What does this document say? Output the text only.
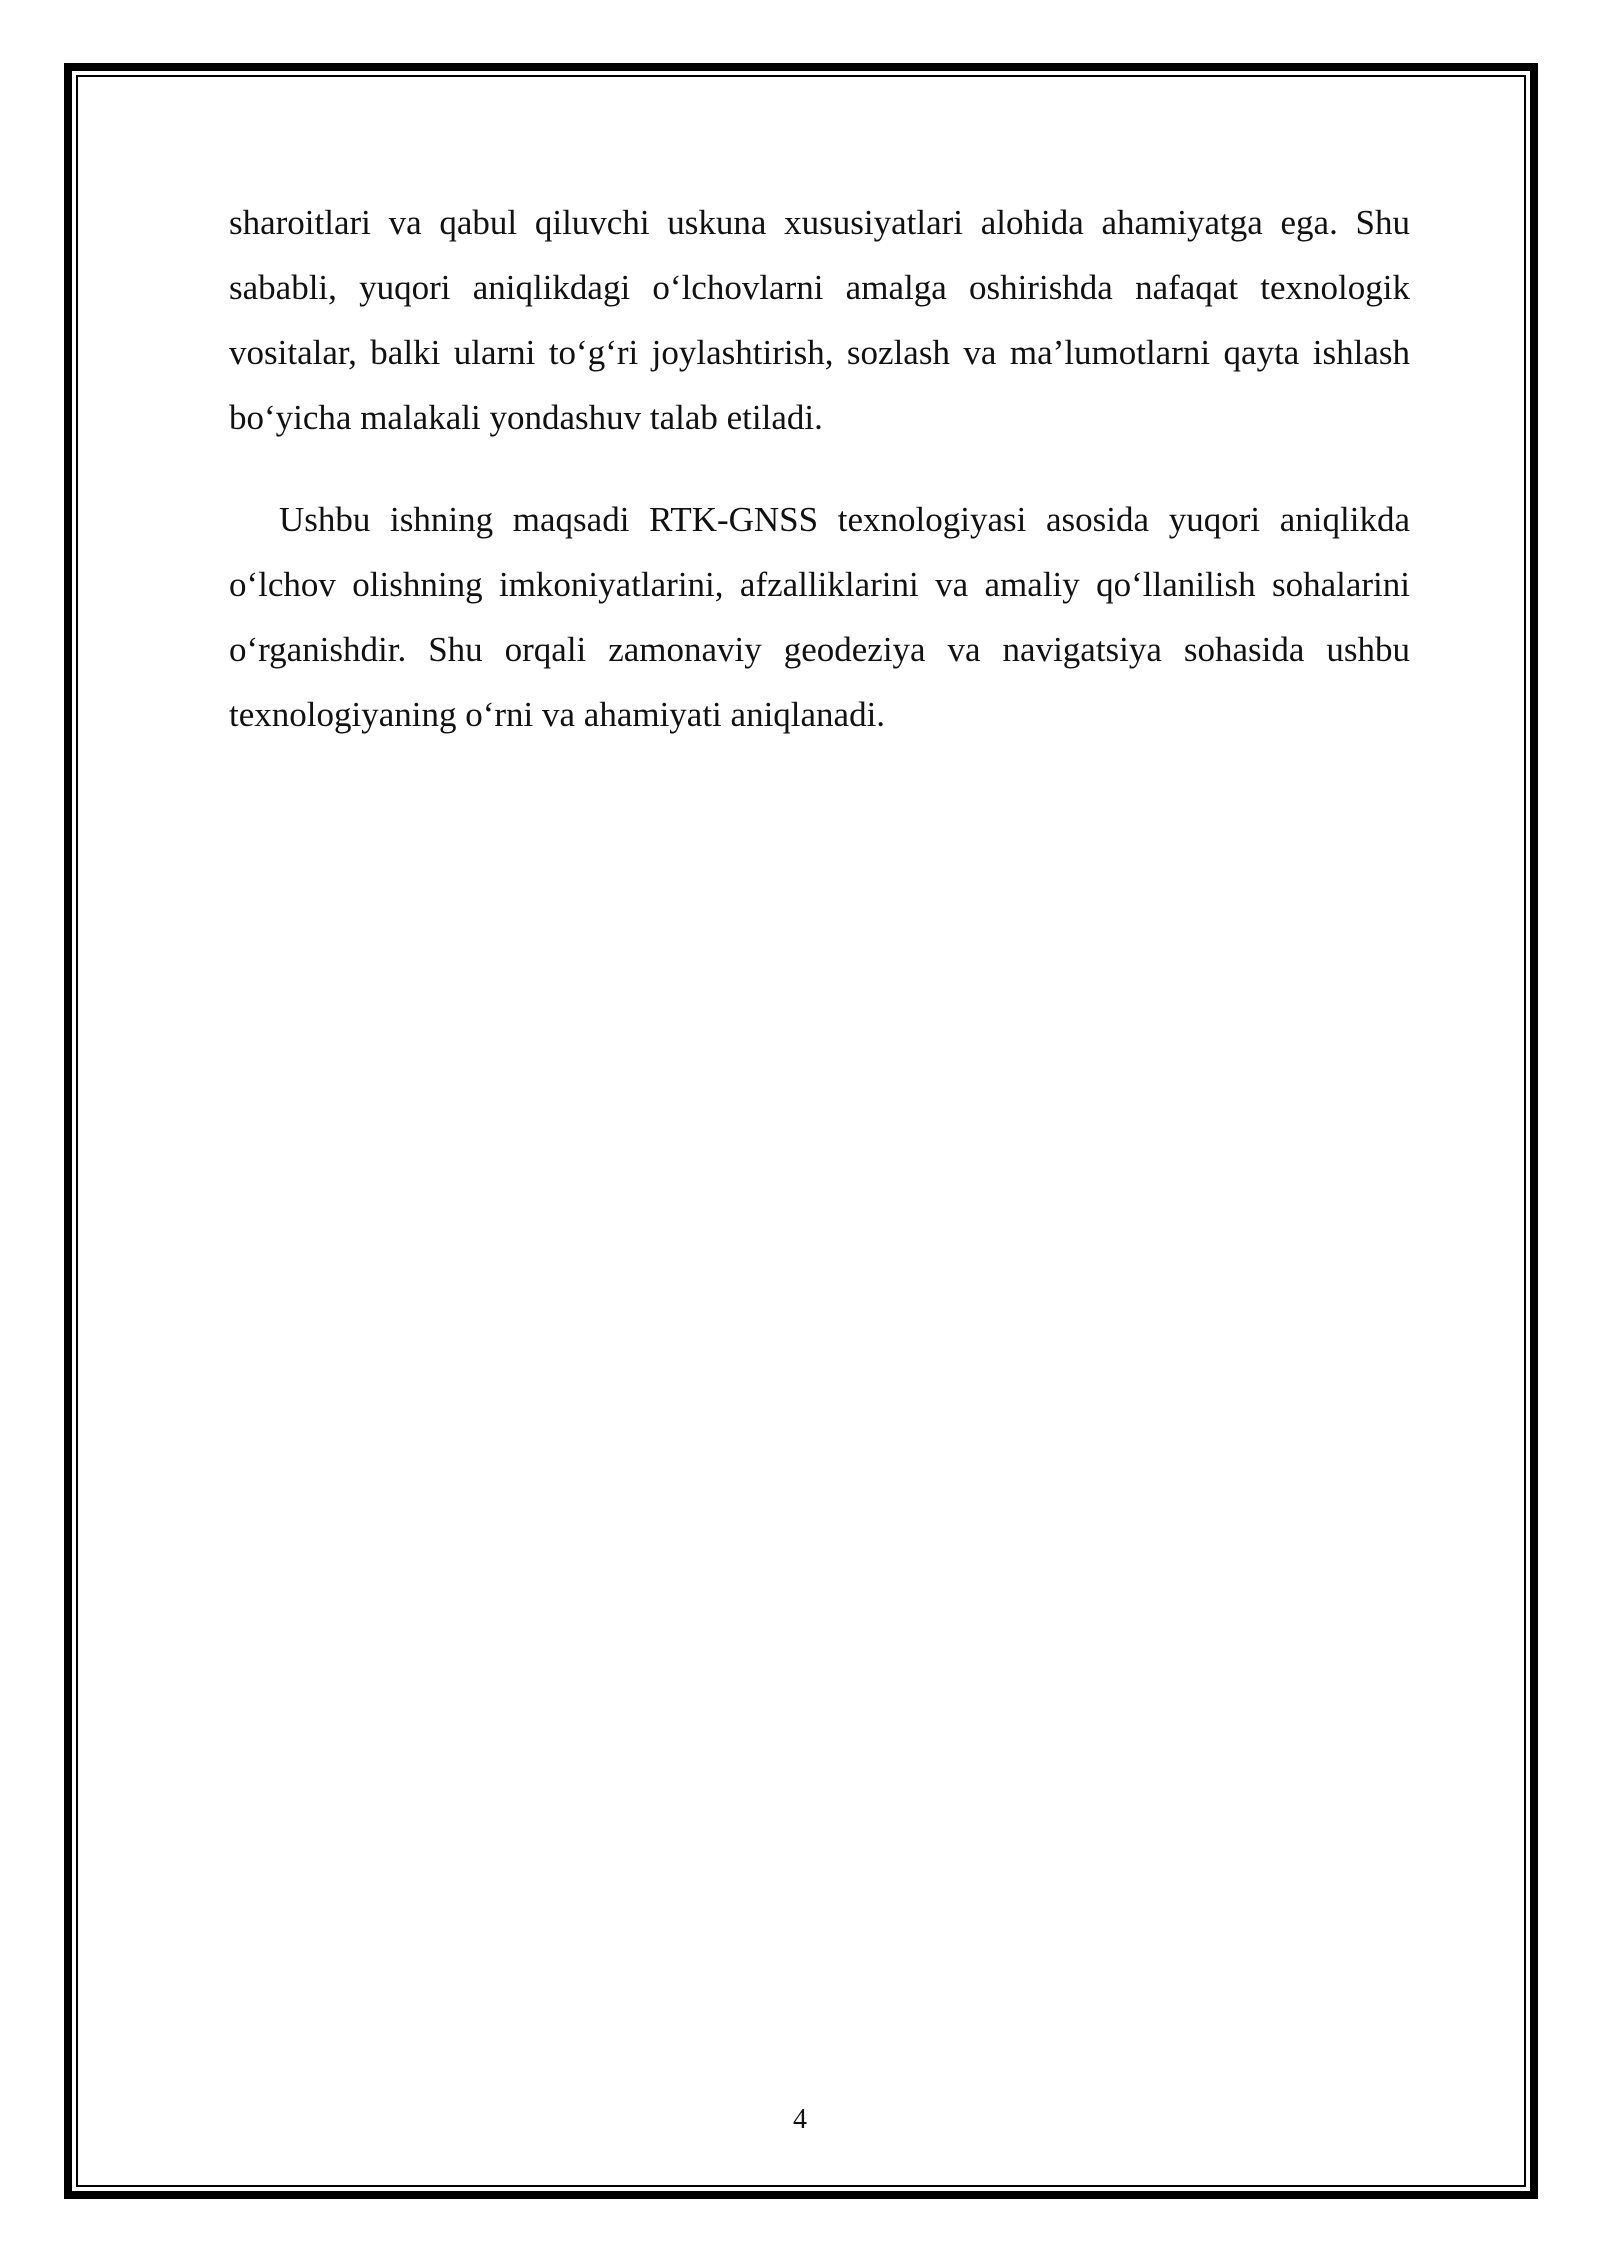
sharoitlari va qabul qiluvchi uskuna xususiyatlari alohida ahamiyatga ega. Shu sababli, yuqori aniqlikdagi o‘lchovlarni amalga oshirishda nafaqat texnologik vositalar, balki ularni to‘g‘ri joylashtirish, sozlash va ma’lumotlarni qayta ishlash bo‘yicha malakali yondashuv talab etiladi.

Ushbu ishning maqsadi RTK-GNSS texnologiyasi asosida yuqori aniqlikda o‘lchov olishning imkoniyatlarini, afzalliklarini va amaliy qo‘llanilish sohalarini o‘rganishdir. Shu orqali zamonaviy geodeziya va navigatsiya sohasida ushbu texnologiyaning o‘rni va ahamiyati aniqlanadi.

4
